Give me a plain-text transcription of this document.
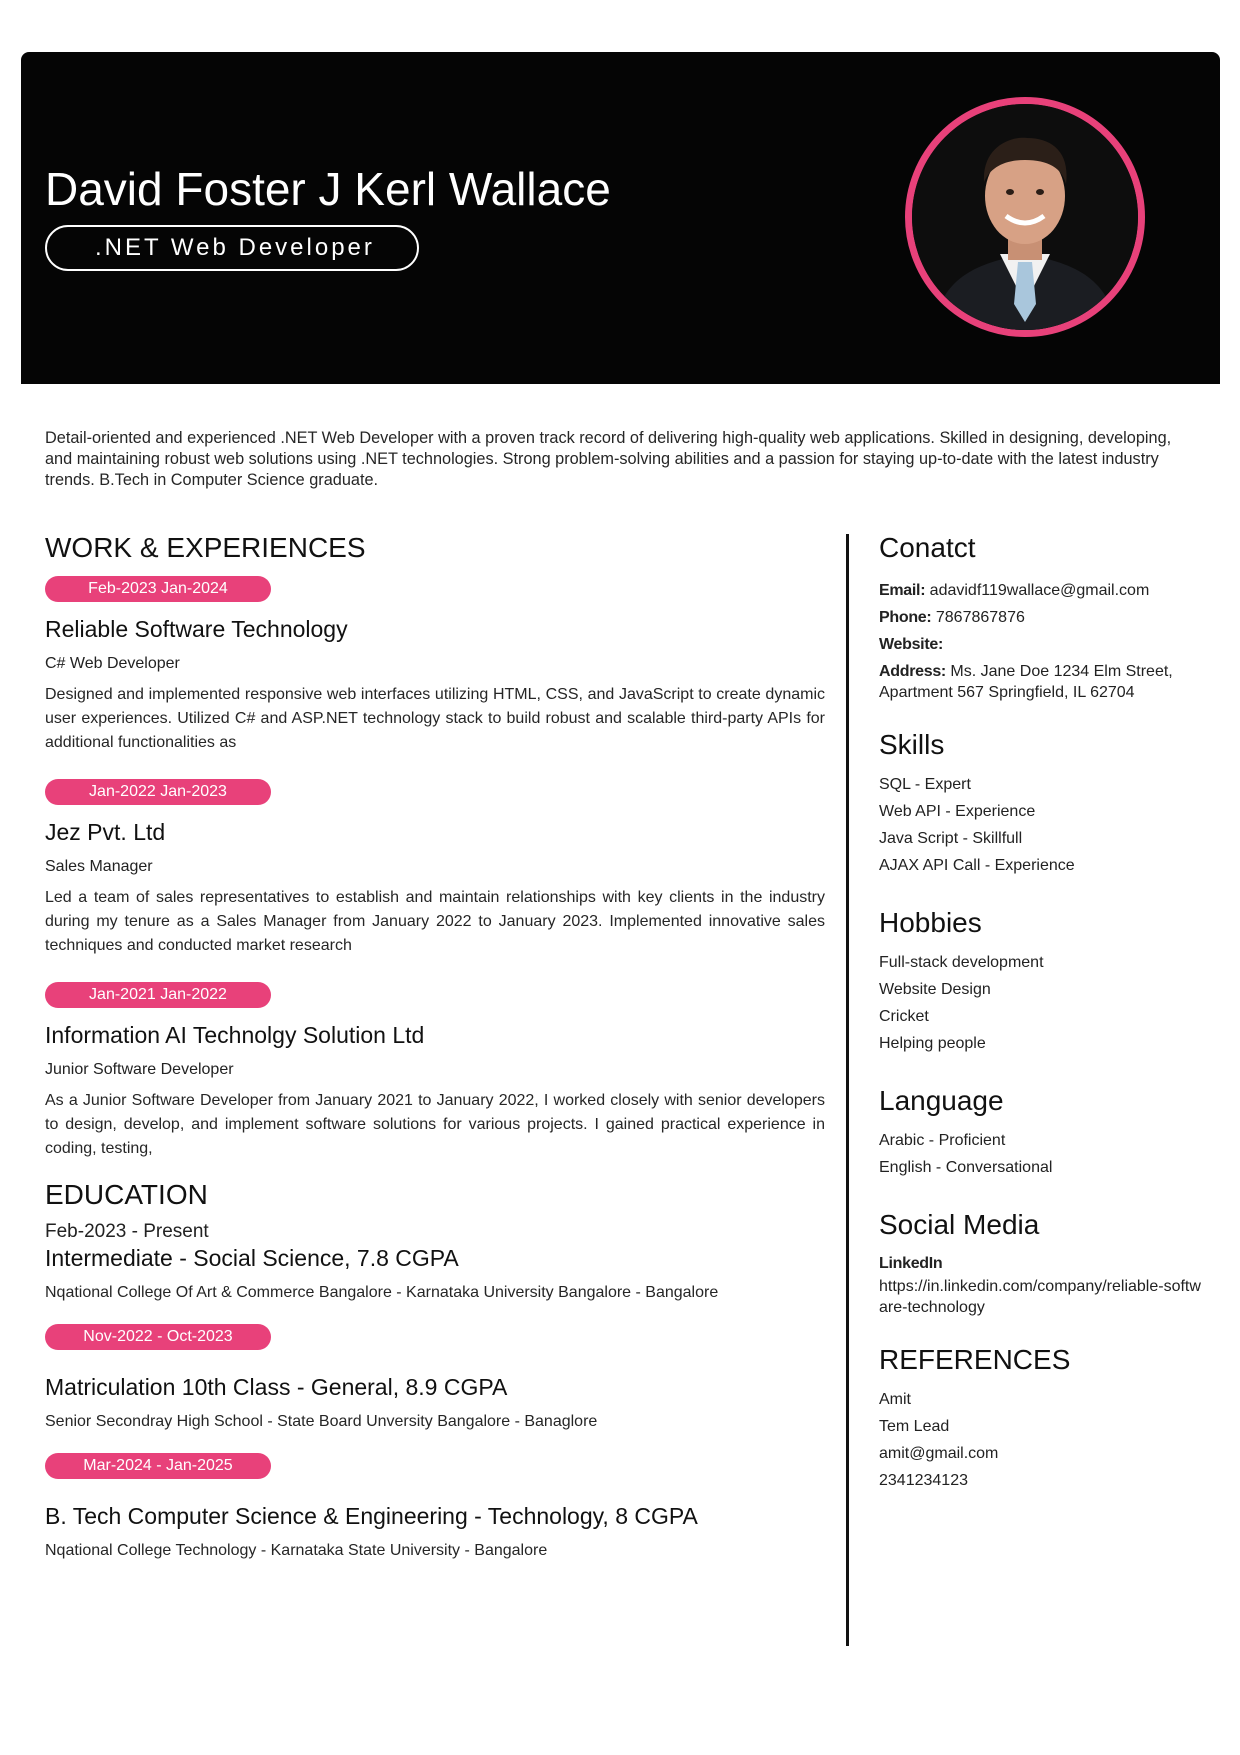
David Foster J Kerl Wallace
.NET Web Developer

Detail-oriented and experienced .NET Web Developer with a proven track record of delivering high-quality web applications. Skilled in designing, developing, and maintaining robust web solutions using .NET technologies. Strong problem-solving abilities and a passion for staying up-to-date with the latest industry trends. B.Tech in Computer Science graduate.

WORK & EXPERIENCES
Feb-2023 Jan-2024
Reliable Software Technology
C# Web Developer

Designed and implemented responsive web interfaces utilizing HTML, CSS, and JavaScript to create dynamic user experiences. Utilized C# and ASP.NET technology stack to build robust and scalable third-party APIs for additional functionalities as

Jan-2022 Jan-2023
Jez Pvt. Ltd
Sales Manager

Led a team of sales representatives to establish and maintain relationships with key clients in the industry during my tenure as a Sales Manager from January 2022 to January 2023. Implemented innovative sales techniques and conducted market research

Jan-2021 Jan-2022
Information AI Technolgy Solution Ltd
Junior Software Developer

As a Junior Software Developer from January 2021 to January 2022, I worked closely with senior developers to design, develop, and implement software solutions for various projects. I gained practical experience in coding, testing,

EDUCATION
Feb-2023 - Present
Intermediate - Social Science, 7.8 CGPA
Nqational College Of Art & Commerce Bangalore - Karnataka University Bangalore - Bangalore
Nov-2022 - Oct-2023
Matriculation 10th Class - General, 8.9 CGPA
Senior Secondray High School - State Board Unversity Bangalore - Banaglore
Mar-2024 - Jan-2025
B. Tech Computer Science & Engineering - Technology, 8 CGPA
Nqational College Technology - Karnataka State University - Bangalore
Conatct
Email: adavidf119wallace@gmail.com
Phone: 7867867876
Website:
Address: Ms. Jane Doe 1234 Elm Street, Apartment 567 Springfield, IL 62704
Skills
SQL - Expert
Web API - Experience
Java Script - Skillfull
AJAX API Call - Experience
Hobbies
Full-stack development
Website Design
Cricket
Helping people
Language
Arabic - Proficient
English - Conversational
Social Media
LinkedIn
https://in.linkedin.com/company/reliable-software-technology
REFERENCES
Amit
Tem Lead
amit@gmail.com
2341234123
